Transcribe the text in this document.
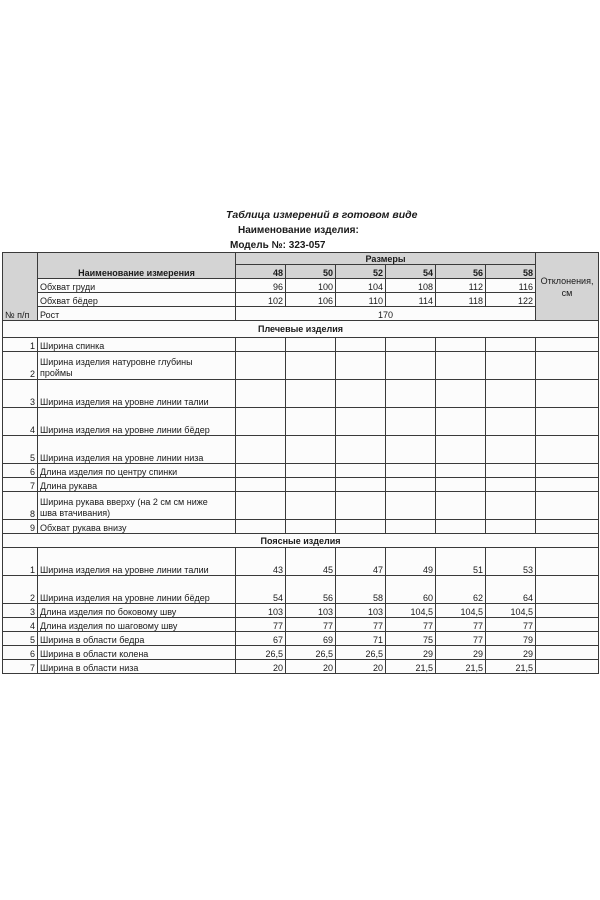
Таблица измерений в готовом виде
Наименование изделия:
Модель №: 323-057
№ п/п	Наименование измерения	Размеры						Отклонения, см
		48	50	52	54	56	58	
	Обхват груди	96	100	104	108	112	116	
	Обхват бёдер	102	106	110	114	118	122	
	Рост	170						
Плечевые изделия								
1	Ширина спинка							
2	Ширина изделия натуровне глубины
проймы							
3	Ширина изделия на уровне линии талии							
4	Ширина изделия на уровне линии бёдер							
5	Ширина изделия на уровне линии низа							
6	Длина изделия по центру спинки							
7	Длина рукава							
8	Ширина рукава вверху (на 2 см см ниже
шва втачивания)							
9	Обхват рукава внизу							
Поясные изделия								
1	Ширина изделия на уровне линии талии	43	45	47	49	51	53	
2	Ширина изделия на уровне линии бёдер	54	56	58	60	62	64	
3	Длина изделия по боковому шву	103	103	103	104,5	104,5	104,5	
4	Длина изделия по шаговому шву	77	77	77	77	77	77	
5	Ширина в области бедра	67	69	71	75	77	79	
6	Ширина в области колена	26,5	26,5	26,5	29	29	29	
7	Ширина в области низа	20	20	20	21,5	21,5	21,5	
